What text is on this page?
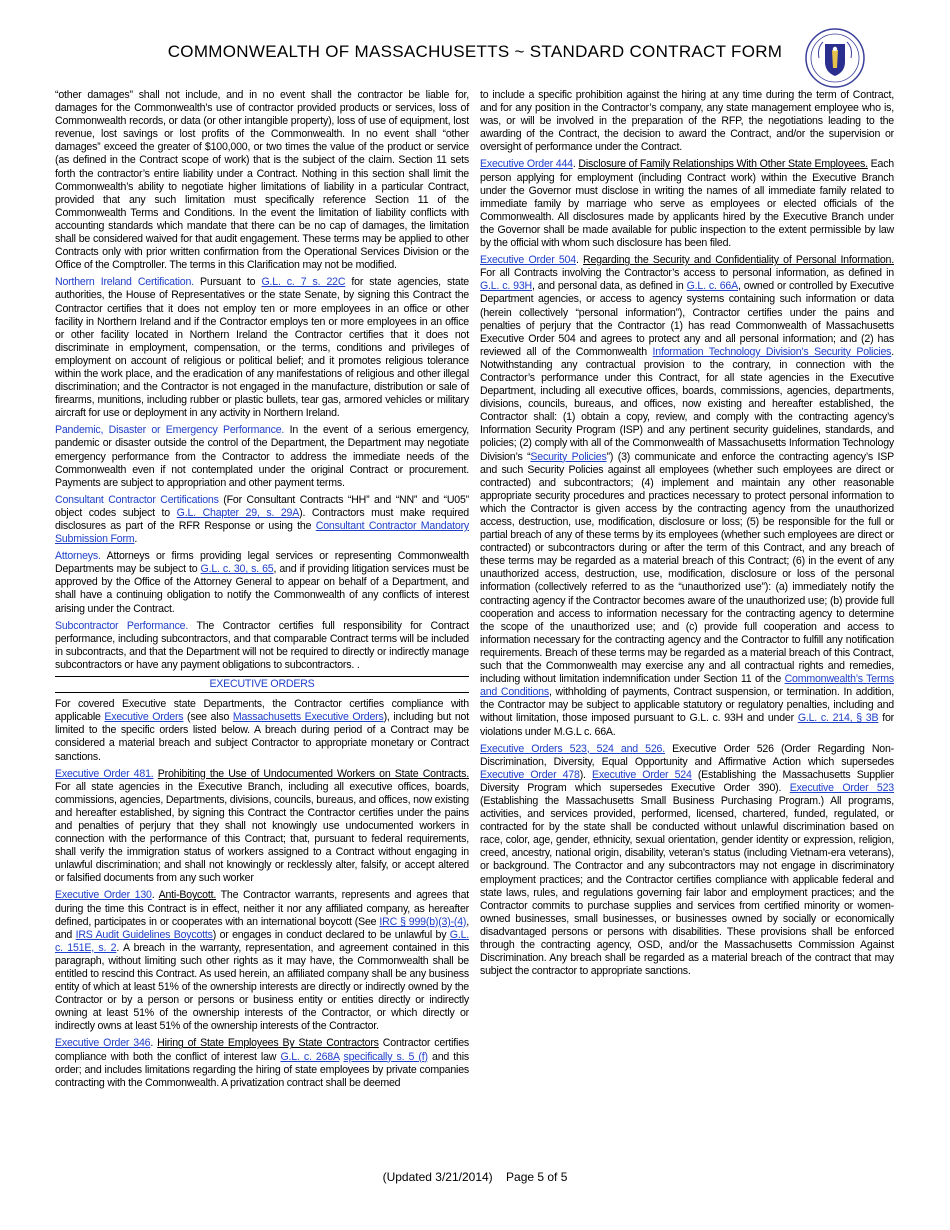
COMMONWEALTH OF MASSACHUSETTS ~ STANDARD CONTRACT FORM

“other damages” shall not include, and in no event shall the contractor be liable for, damages for the Commonwealth’s use of contractor provided products or services, loss of Commonwealth records, or data (or other intangible property), loss of use of equipment, lost revenue, lost savings or lost profits of the Commonwealth. In no event shall “other damages” exceed the greater of $100,000, or two times the value of the product or service (as defined in the Contract scope of work) that is the subject of the claim. Section 11 sets forth the contractor’s entire liability under a Contract. Nothing in this section shall limit the Commonwealth’s ability to negotiate higher limitations of liability in a particular Contract, provided that any such limitation must specifically reference Section 11 of the Commonwealth Terms and Conditions. In the event the limitation of liability conflicts with accounting standards which mandate that there can be no cap of damages, the limitation shall be considered waived for that audit engagement. These terms may be applied to other Contracts only with prior written confirmation from the Operational Services Division or the Office of the Comptroller. The terms in this Clarification may not be modified.

Northern Ireland Certification. Pursuant to G.L. c. 7 s. 22C for state agencies, state authorities, the House of Representatives or the state Senate, by signing this Contract the Contractor certifies that it does not employ ten or more employees in an office or other facility in Northern Ireland and if the Contractor employs ten or more employees in an office or other facility located in Northern Ireland the Contractor certifies that it does not discriminate in employment, compensation, or the terms, conditions and privileges of employment on account of religious or political belief; and it promotes religious tolerance within the work place, and the eradication of any manifestations of religious and other illegal discrimination; and the Contractor is not engaged in the manufacture, distribution or sale of firearms, munitions, including rubber or plastic bullets, tear gas, armored vehicles or military aircraft for use or deployment in any activity in Northern Ireland.

Pandemic, Disaster or Emergency Performance. In the event of a serious emergency, pandemic or disaster outside the control of the Department, the Department may negotiate emergency performance from the Contractor to address the immediate needs of the Commonwealth even if not contemplated under the original Contract or procurement. Payments are subject to appropriation and other payment terms.

Consultant Contractor Certifications (For Consultant Contracts “HH” and “NN” and “U05” object codes subject to G.L. Chapter 29, s. 29A). Contractors must make required disclosures as part of the RFR Response or using the Consultant Contractor Mandatory Submission Form.

Attorneys. Attorneys or firms providing legal services or representing Commonwealth Departments may be subject to G.L. c. 30, s. 65, and if providing litigation services must be approved by the Office of the Attorney General to appear on behalf of a Department, and shall have a continuing obligation to notify the Commonwealth of any conflicts of interest arising under the Contract.

Subcontractor Performance. The Contractor certifies full responsibility for Contract performance, including subcontractors, and that comparable Contract terms will be included in subcontracts, and that the Department will not be required to directly or indirectly manage subcontractors or have any payment obligations to subcontractors. .

EXECUTIVE ORDERS

For covered Executive state Departments, the Contractor certifies compliance with applicable Executive Orders (see also Massachusetts Executive Orders), including but not limited to the specific orders listed below. A breach during period of a Contract may be considered a material breach and subject Contractor to appropriate monetary or Contract sanctions.

Executive Order 481. Prohibiting the Use of Undocumented Workers on State Contracts. For all state agencies in the Executive Branch, including all executive offices, boards, commissions, agencies, Departments, divisions, councils, bureaus, and offices, now existing and hereafter established, by signing this Contract the Contractor certifies under the pains and penalties of perjury that they shall not knowingly use undocumented workers in connection with the performance of this Contract; that, pursuant to federal requirements, shall verify the immigration status of workers assigned to a Contract without engaging in unlawful discrimination; and shall not knowingly or recklessly alter, falsify, or accept altered or falsified documents from any such worker

Executive Order 130. Anti-Boycott. The Contractor warrants, represents and agrees that during the time this Contract is in effect, neither it nor any affiliated company, as hereafter defined, participates in or cooperates with an international boycott (See IRC § 999(b)(3)-(4), and IRS Audit Guidelines Boycotts) or engages in conduct declared to be unlawful by G.L. c. 151E, s. 2. A breach in the warranty, representation, and agreement contained in this paragraph, without limiting such other rights as it may have, the Commonwealth shall be entitled to rescind this Contract. As used herein, an affiliated company shall be any business entity of which at least 51% of the ownership interests are directly or indirectly owned by the Contractor or by a person or persons or business entity or entities directly or indirectly owning at least 51% of the ownership interests of the Contractor, or which directly or indirectly owns at least 51% of the ownership interests of the Contractor.

Executive Order 346. Hiring of State Employees By State Contractors Contractor certifies compliance with both the conflict of interest law G.L. c. 268A specifically s. 5 (f) and this order; and includes limitations regarding the hiring of state employees by private companies contracting with the Commonwealth. A privatization contract shall be deemed

to include a specific prohibition against the hiring at any time during the term of Contract, and for any position in the Contractor’s company, any state management employee who is, was, or will be involved in the preparation of the RFP, the negotiations leading to the awarding of the Contract, the decision to award the Contract, and/or the supervision or oversight of performance under the Contract.

Executive Order 444. Disclosure of Family Relationships With Other State Employees. Each person applying for employment (including Contract work) within the Executive Branch under the Governor must disclose in writing the names of all immediate family related to immediate family by marriage who serve as employees or elected officials of the Commonwealth. All disclosures made by applicants hired by the Executive Branch under the Governor shall be made available for public inspection to the extent permissible by law by the official with whom such disclosure has been filed.

Executive Order 504. Regarding the Security and Confidentiality of Personal Information. For all Contracts involving the Contractor’s access to personal information, as defined in G.L. c. 93H, and personal data, as defined in G.L. c. 66A, owned or controlled by Executive Department agencies, or access to agency systems containing such information or data (herein collectively “personal information”), Contractor certifies under the pains and penalties of perjury that the Contractor (1) has read Commonwealth of Massachusetts Executive Order 504 and agrees to protect any and all personal information; and (2) has reviewed all of the Commonwealth Information Technology Division’s Security Policies. Notwithstanding any contractual provision to the contrary, in connection with the Contractor’s performance under this Contract, for all state agencies in the Executive Department, including all executive offices, boards, commissions, agencies, departments, divisions, councils, bureaus, and offices, now existing and hereafter established, the Contractor shall: (1) obtain a copy, review, and comply with the contracting agency’s Information Security Program (ISP) and any pertinent security guidelines, standards, and policies; (2) comply with all of the Commonwealth of Massachusetts Information Technology Division’s “Security Policies”) (3) communicate and enforce the contracting agency’s ISP and such Security Policies against all employees (whether such employees are direct or contracted) and subcontractors; (4) implement and maintain any other reasonable appropriate security procedures and practices necessary to protect personal information to which the Contractor is given access by the contracting agency from the unauthorized access, destruction, use, modification, disclosure or loss; (5) be responsible for the full or partial breach of any of these terms by its employees (whether such employees are direct or contracted) or subcontractors during or after the term of this Contract, and any breach of these terms may be regarded as a material breach of this Contract; (6) in the event of any unauthorized access, destruction, use, modification, disclosure or loss of the personal information (collectively referred to as the “unauthorized use”): (a) immediately notify the contracting agency if the Contractor becomes aware of the unauthorized use; (b) provide full cooperation and access to information necessary for the contracting agency to determine the scope of the unauthorized use; and (c) provide full cooperation and access to information necessary for the contracting agency and the Contractor to fulfill any notification requirements. Breach of these terms may be regarded as a material breach of this Contract, such that the Commonwealth may exercise any and all contractual rights and remedies, including without limitation indemnification under Section 11 of the Commonwealth’s Terms and Conditions, withholding of payments, Contract suspension, or termination. In addition, the Contractor may be subject to applicable statutory or regulatory penalties, including and without limitation, those imposed pursuant to G.L. c. 93H and under G.L. c. 214, § 3B for violations under M.G.L c. 66A.

Executive Orders 523, 524 and 526. Executive Order 526 (Order Regarding Non-Discrimination, Diversity, Equal Opportunity and Affirmative Action which supersedes Executive Order 478). Executive Order 524 (Establishing the Massachusetts Supplier Diversity Program which supersedes Executive Order 390). Executive Order 523 (Establishing the Massachusetts Small Business Purchasing Program.) All programs, activities, and services provided, performed, licensed, chartered, funded, regulated, or contracted for by the state shall be conducted without unlawful discrimination based on race, color, age, gender, ethnicity, sexual orientation, gender identity or expression, religion, creed, ancestry, national origin, disability, veteran’s status (including Vietnam-era veterans), or background. The Contractor and any subcontractors may not engage in discriminatory employment practices; and the Contractor certifies compliance with applicable federal and state laws, rules, and regulations governing fair labor and employment practices; and the Contractor commits to purchase supplies and services from certified minority or women-owned businesses, small businesses, or businesses owned by socially or economically disadvantaged persons or persons with disabilities. These provisions shall be enforced through the contracting agency, OSD, and/or the Massachusetts Commission Against Discrimination. Any breach shall be regarded as a material breach of the contract that may subject the contractor to appropriate sanctions.

(Updated 3/21/2014) Page 5 of 5
